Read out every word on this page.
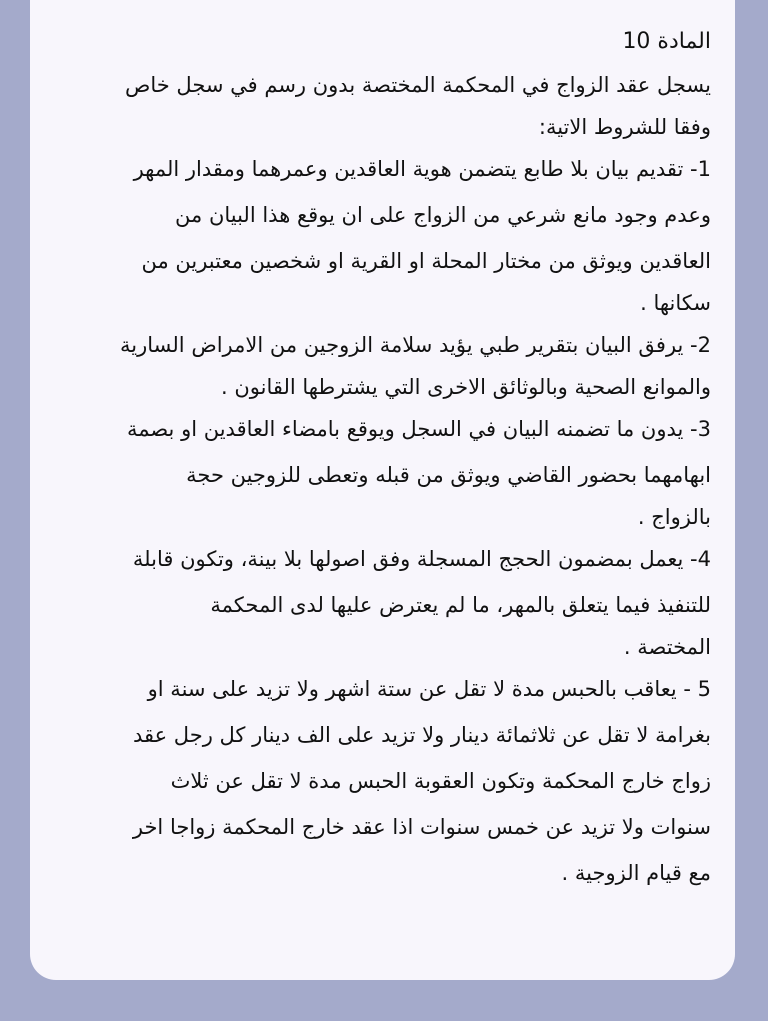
المادة 10
يسجل عقد الزواج في المحكمة المختصة بدون رسم في سجل خاص
وفقا للشروط الاتية:
1- تقديم بيان بلا طابع يتضمن هوية العاقدين وعمرهما ومقدار المهر
وعدم وجود مانع شرعي من الزواج على ان يوقع هذا البيان من
العاقدين ويوثق من مختار المحلة او القرية او شخصين معتبرين من
سكانها .
2- يرفق البيان بتقرير طبي يؤيد سلامة الزوجين من الامراض السارية
والموانع الصحية وبالوثائق الاخرى التي يشترطها القانون .
3- يدون ما تضمنه البيان في السجل ويوقع بامضاء العاقدين او بصمة
ابهامهما بحضور القاضي ويوثق من قبله وتعطى للزوجين حجة
بالزواج .
4- يعمل بمضمون الحجج المسجلة وفق اصولها بلا بينة، وتكون قابلة
للتنفيذ فيما يتعلق بالمهر، ما لم يعترض عليها لدى المحكمة
المختصة .
5 - يعاقب بالحبس مدة لا تقل عن ستة اشهر ولا تزيد على سنة او
بغرامة لا تقل عن ثلاثمائة دينار ولا تزيد على الف دينار كل رجل عقد
زواج خارج المحكمة وتكون العقوبة الحبس مدة لا تقل عن ثلاث
سنوات ولا تزيد عن خمس سنوات اذا عقد خارج المحكمة زواجا اخر
مع قيام الزوجية .
